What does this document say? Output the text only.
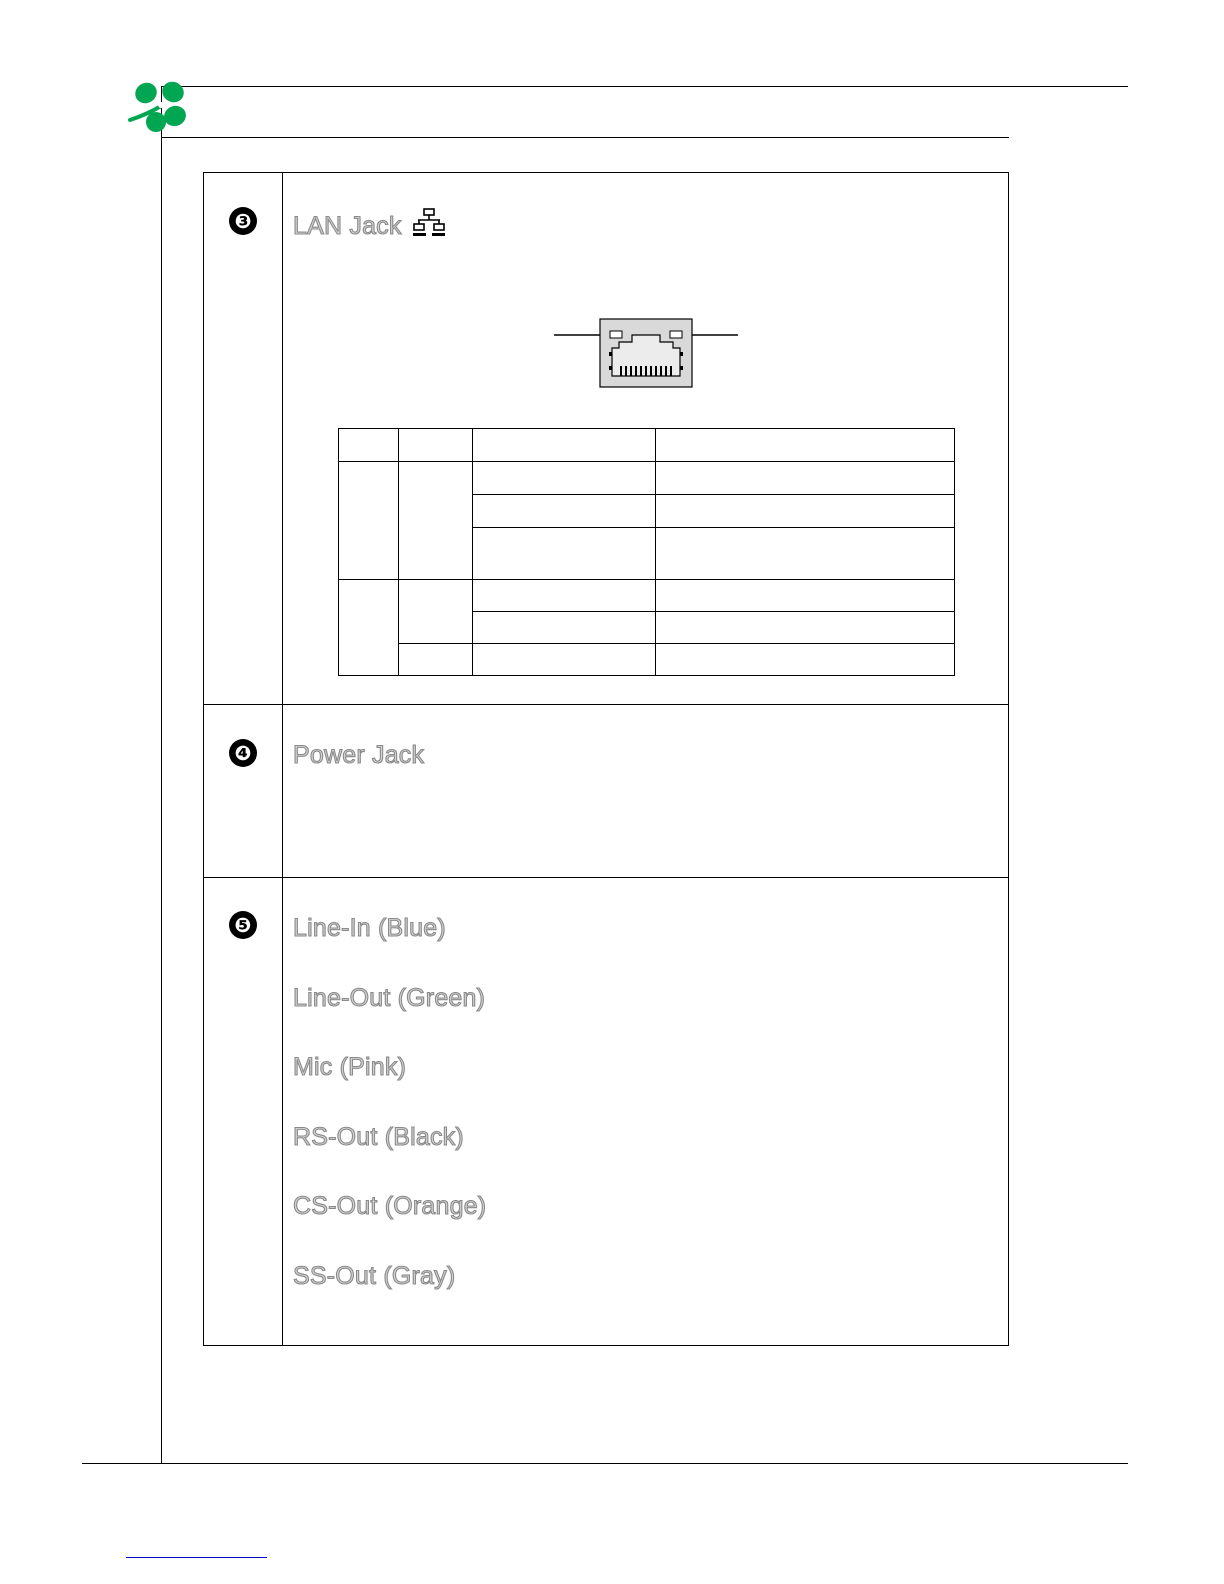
❸ LAN Jack

❹ Power Jack
❺ Line-In (Blue)
Line-Out (Green)
Mic (Pink)
RS-Out (Black)
CS-Out (Orange)
SS-Out (Gray)
